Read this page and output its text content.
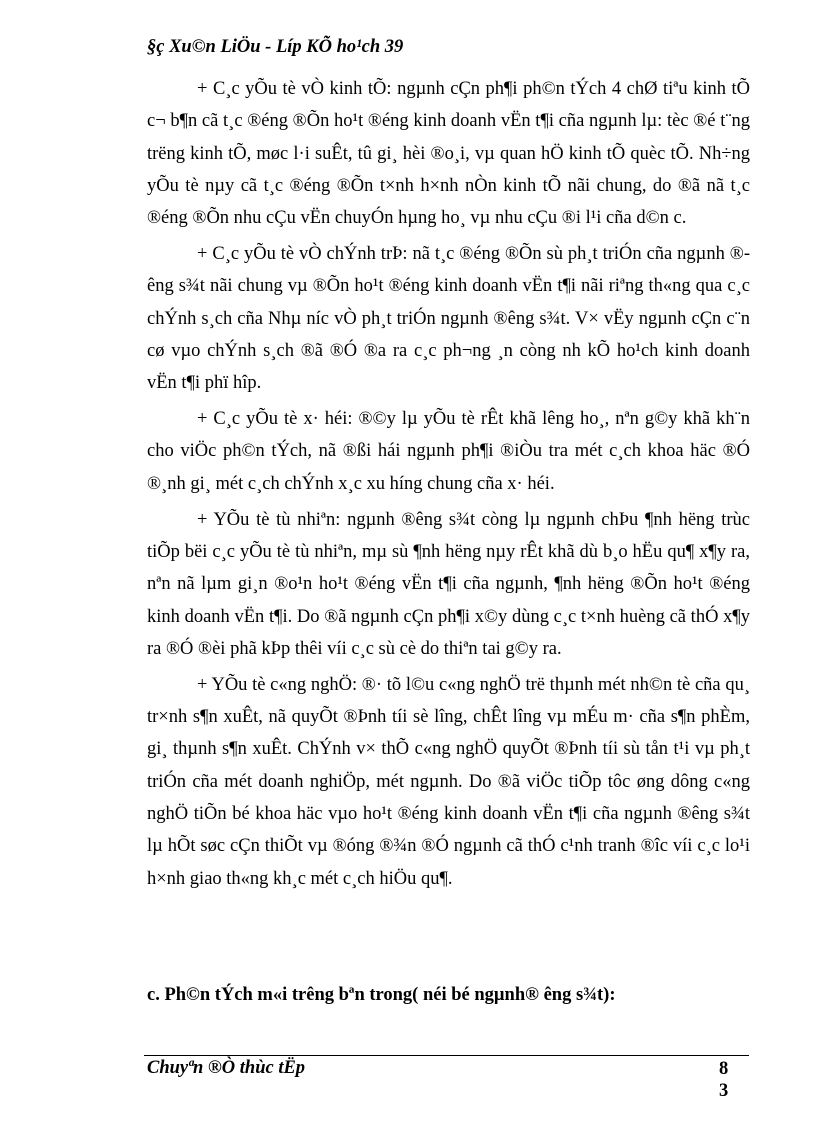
§ç Xu©n LiÖu - Líp KÕ ho¹ch 39

+ C¸c yÕu tè vÒ kinh tÕ: ngµnh cÇn ph¶i ph©n tÝch 4 chØ tiªu kinh tÕ c¬ b¶n cã t¸c ®éng ®Õn ho¹t ®éng kinh doanh vËn t¶i cña ngµnh lµ: tèc ®é t¨ng trëng kinh tÕ, møc l·i suÊt, tû gi¸ hèi ®o¸i, vµ quan hÖ kinh tÕ quèc tÕ. Nh÷ng yÕu tè nµy cã t¸c ®éng ®Õn t×nh h×nh nÒn kinh tÕ nãi chung, do ®ã nã t¸c ®éng ®Õn nhu cÇu vËn chuyÓn hµng ho¸ vµ nhu cÇu ®i l¹i cña d©n c.

+ C¸c yÕu tè vÒ chÝnh trÞ: nã t¸c ®éng ®Õn sù ph¸t triÓn cña ngµnh ®êng s¾t nãi chung vµ ®Õn ho¹t ®éng kinh doanh vËn t¶i nãi riªng th«ng qua c¸c chÝnh s¸ch cña Nhµ níc vÒ ph¸t triÓn ngµnh ®êng s¾t. V× vËy ngµnh cÇn c¨n cø vµo chÝnh s¸ch ®ã ®Ó ®a ra c¸c ph¬ng ¸n còng nh kÕ ho¹ch kinh doanh vËn t¶i phï hîp.

+ C¸c yÕu tè x· héi: ®©y lµ yÕu tè rÊt khã lêng ho¸, nªn g©y khã kh¨n cho viÖc ph©n tÝch, nã ®ßi hái ngµnh ph¶i ®iÒu tra mét c¸ch khoa häc ®Ó ®¸nh gi¸ mét c¸ch chÝnh x¸c xu híng chung cña x· héi.

+ YÕu tè tù nhiªn: ngµnh ®êng s¾t còng lµ ngµnh chÞu ¶nh hëng trùc tiÕp bëi c¸c yÕu tè tù nhiªn, mµ sù ¶nh hëng nµy rÊt khã dù b¸o hËu qu¶ x¶y ra, nªn nã lµm gi¸n ®o¹n ho¹t ®éng vËn t¶i cña ngµnh, ¶nh hëng ®Õn ho¹t ®éng kinh doanh vËn t¶i. Do ®ã ngµnh cÇn ph¶i x©y dùng c¸c t×nh huèng cã thÓ x¶y ra ®Ó ®èi phã kÞp thêi víi c¸c sù cè do thiªn tai g©y ra.

+ YÕu tè c«ng nghÖ: ®· tõ l©u c«ng nghÖ trë thµnh mét nh©n tè cña qu¸ tr×nh s¶n xuÊt, nã quyÕt ®Þnh tíi sè lîng, chÊt lîng vµ mÉu m· cña s¶n phÈm, gi¸ thµnh s¶n xuÊt. ChÝnh v× thÕ c«ng nghÖ quyÕt ®Þnh tíi sù tån t¹i vµ ph¸t triÓn cña mét doanh nghiÖp, mét ngµnh. Do ®ã viÖc tiÕp tôc øng dông c«ng nghÖ tiÕn bé khoa häc vµo ho¹t ®éng kinh doanh vËn t¶i cña ngµnh ®êng s¾t lµ hÕt søc cÇn thiÕt vµ ®óng ®¾n ®Ó ngµnh cã thÓ c¹nh tranh ®îc víi c¸c lo¹i h×nh giao th«ng kh¸c mét c¸ch hiÖu qu¶.

c. Ph©n tÝch m«i trêng bªn trong( néi bé ngµnh® êng s¾t):
Chuyªn ®Ò thùc tËp	8
3
